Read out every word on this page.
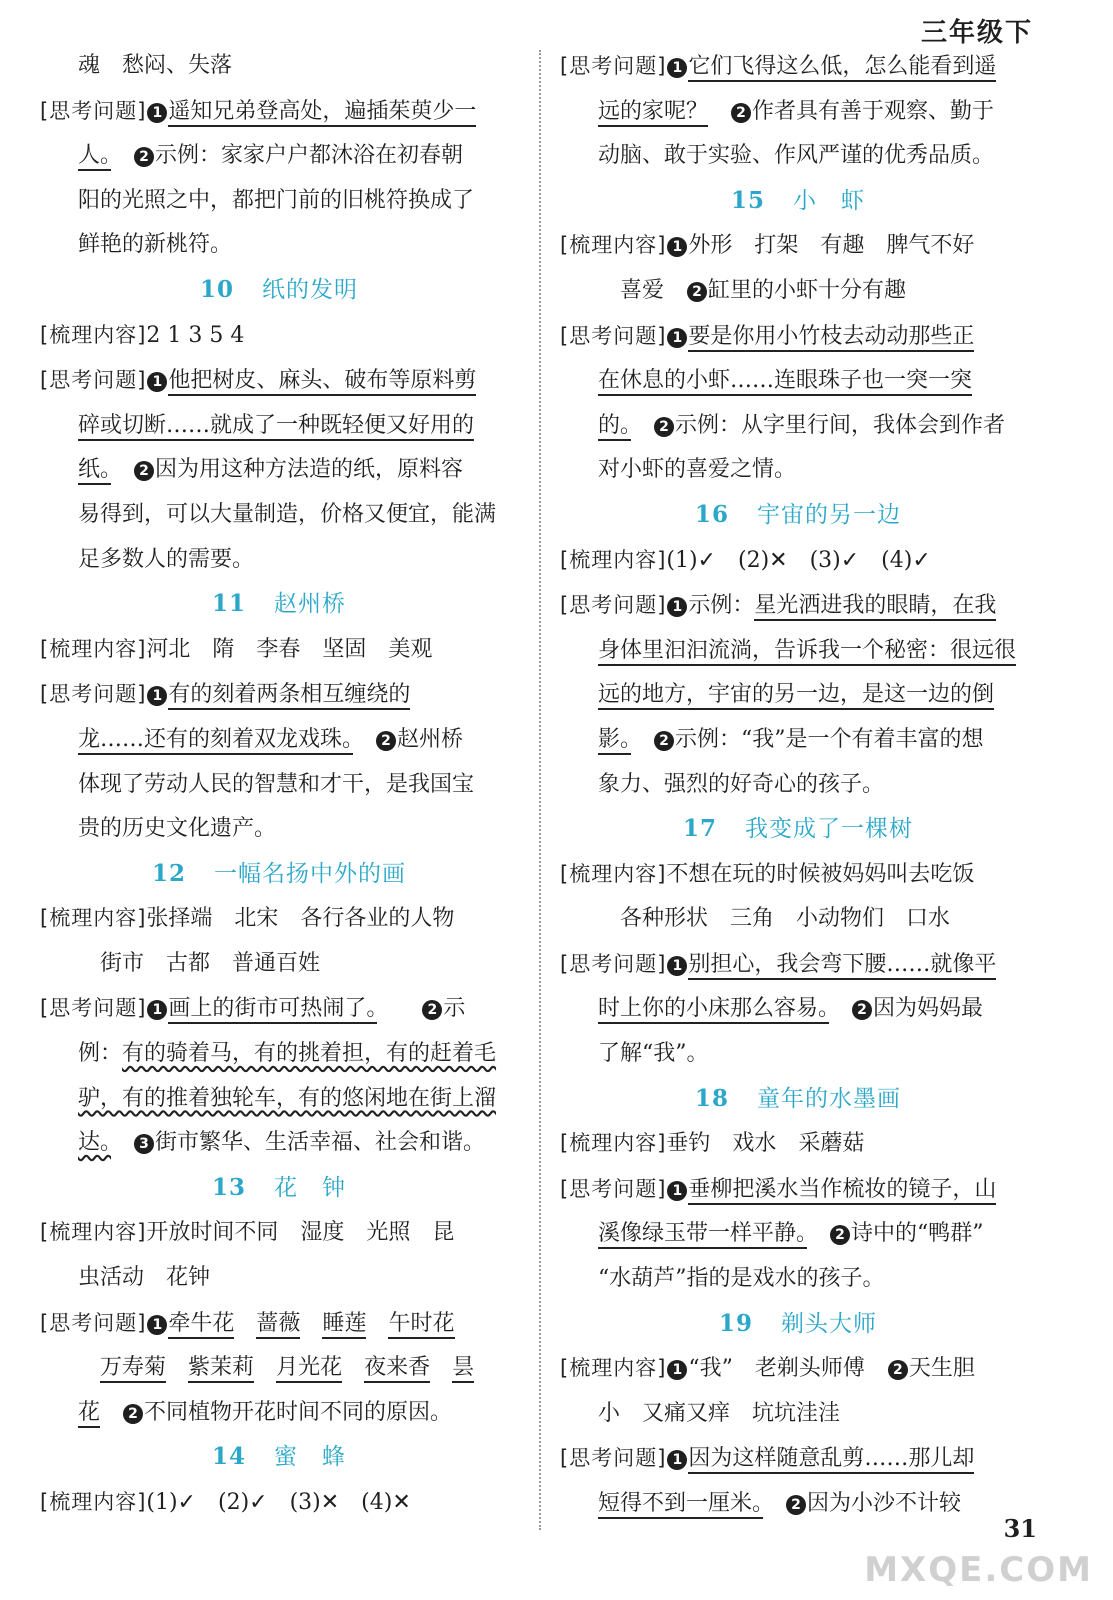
三年级下

魂　愁闷、失落

[思考问题] 1 遥知兄弟登高处，遍插茱萸少一

人。　 2 示例：家家户户都沐浴在初春朝

阳的光照之中，都把门前的旧桃符换成了

鲜艳的新桃符。

10 纸的发明

[梳理内容]2 1 3 5 4

[思考问题] 1 他把树皮、麻头、破布等原料剪

碎或切断……就成了一种既轻便又好用的

纸。　 2 因为用这种方法造的纸，原料容

易得到，可以大量制造，价格又便宜，能满

足多数人的需要。

11 赵州桥

[梳理内容]河北　隋　李春　坚固　美观

[思考问题] 1 有的刻着两条相互缠绕的

龙……还有的刻着双龙戏珠。　 2 赵州桥

体现了劳动人民的智慧和才干，是我国宝

贵的历史文化遗产。

12 一幅名扬中外的画

[梳理内容]张择端　北宋　各行各业的人物

街市　古都　普通百姓

[思考问题] 1 画上的街市可热闹了。　　	2 示

例：有的骑着马，有的挑着担，有的赶着毛

驴，有的推着独轮车，有的悠闲地在街上溜

达。　 3 街市繁华、生活幸福、社会和谐。

13 花　钟

[梳理内容]开放时间不同　湿度　光照　昆

虫活动　花钟

[思考问题] 1 牵牛花　 蔷薇　 睡莲　 午时花

万寿菊　 紫茉莉　 月光花　 夜来香　 昙

花　 2 不同植物开花时间不同的原因。

14 蜜　蜂

[梳理内容](1)✓　(2)✓　(3)✕　(4)✕

[思考问题] 1 它们飞得这么低，怎么能看到遥

远的家呢？　 2 作者具有善于观察、勤于

动脑、敢于实验、作风严谨的优秀品质。

15 小　虾

[梳理内容] 1 外形　打架　有趣　脾气不好

喜爱　 2 缸里的小虾十分有趣

[思考问题] 1 要是你用小竹枝去动动那些正

在休息的小虾……连眼珠子也一突一突

的。　 2 示例：从字里行间，我体会到作者

对小虾的喜爱之情。

16 宇宙的另一边

[梳理内容](1)✓　(2)✕　(3)✓　(4)✓

[思考问题] 1 示例：星光洒进我的眼睛，在我

身体里汩汩流淌，告诉我一个秘密：很远很

远的地方，宇宙的另一边，是这一边的倒

影。　 2 示例：“我”是一个有着丰富的想

象力、强烈的好奇心的孩子。

17 我变成了一棵树

[梳理内容]不想在玩的时候被妈妈叫去吃饭

各种形状　三角　小动物们　口水

[思考问题] 1 别担心，我会弯下腰……就像平

时上你的小床那么容易。　 2 因为妈妈最

了解“我”。

18 童年的水墨画

[梳理内容]垂钓　戏水　采蘑菇

[思考问题] 1 垂柳把溪水当作梳妆的镜子，山

溪像绿玉带一样平静。　 2 诗中的“鸭群”

“水葫芦”指的是戏水的孩子。

19 剃头大师

[梳理内容] 1 “我”　老剃头师傅　 2 天生胆

小　又痛又痒　坑坑洼洼

[思考问题] 1 因为这样随意乱剪……那儿却

短得不到一厘米。　 2 因为小沙不计较

31
MXQE.COM
